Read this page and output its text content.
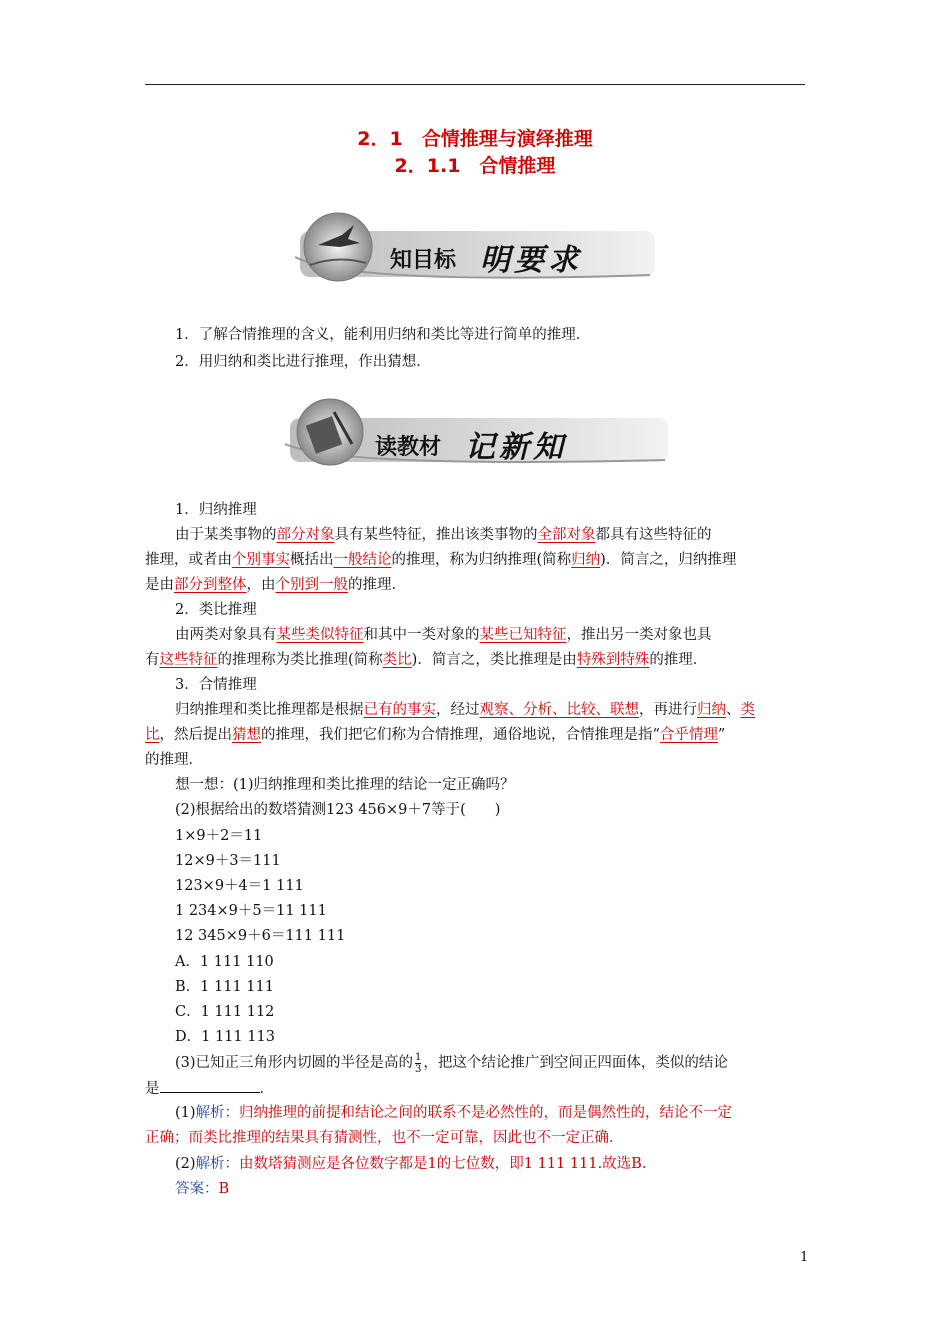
2．1　合情推理与演绎推理
2．1.1　合情推理
知目标 明要求
1．了解合情推理的含义，能利用归纳和类比等进行简单的推理．
2．用归纳和类比进行推理，作出猜想．
读教材 记新知
1．归纳推理
由于某类事物的部分对象具有某些特征，推出该类事物的全部对象都具有这些特征的
推理，或者由个别事实概括出一般结论的推理，称为归纳推理(简称归纳)．简言之，归纳推理
是由部分到整体，由个别到一般的推理．
2．类比推理
由两类对象具有某些类似特征和其中一类对象的某些已知特征，推出另一类对象也具
有这些特征的推理称为类比推理(简称类比)．简言之，类比推理是由特殊到特殊的推理．
3．合情推理
归纳推理和类比推理都是根据已有的事实，经过观察、分析、比较、联想，再进行归纳、类
比，然后提出猜想的推理，我们把它们称为合情推理，通俗地说，合情推理是指“合乎情理”
的推理．
想一想：(1)归纳推理和类比推理的结论一定正确吗？
(2)根据给出的数塔猜测123 456×9＋7等于(　　)
1×9＋2＝11
12×9＋3＝111
123×9＋4＝1 111
1 234×9＋5＝11 111
12 345×9＋6＝111 111
A．1 111 110
B．1 111 111
C．1 111 112
D．1 111 113
(3)已知正三角形内切圆的半径是高的 $\frac{1}{3}$ ，把这个结论推广到空间正四面体，类似的结论
是	．
(1)解析：归纳推理的前提和结论之间的联系不是必然性的，而是偶然性的，结论不一定
正确；而类比推理的结果具有猜测性，也不一定可靠，因此也不一定正确．
(2)解析：由数塔猜测应是各位数字都是1的七位数，即1 111 111.故选B.
答案：B
1
